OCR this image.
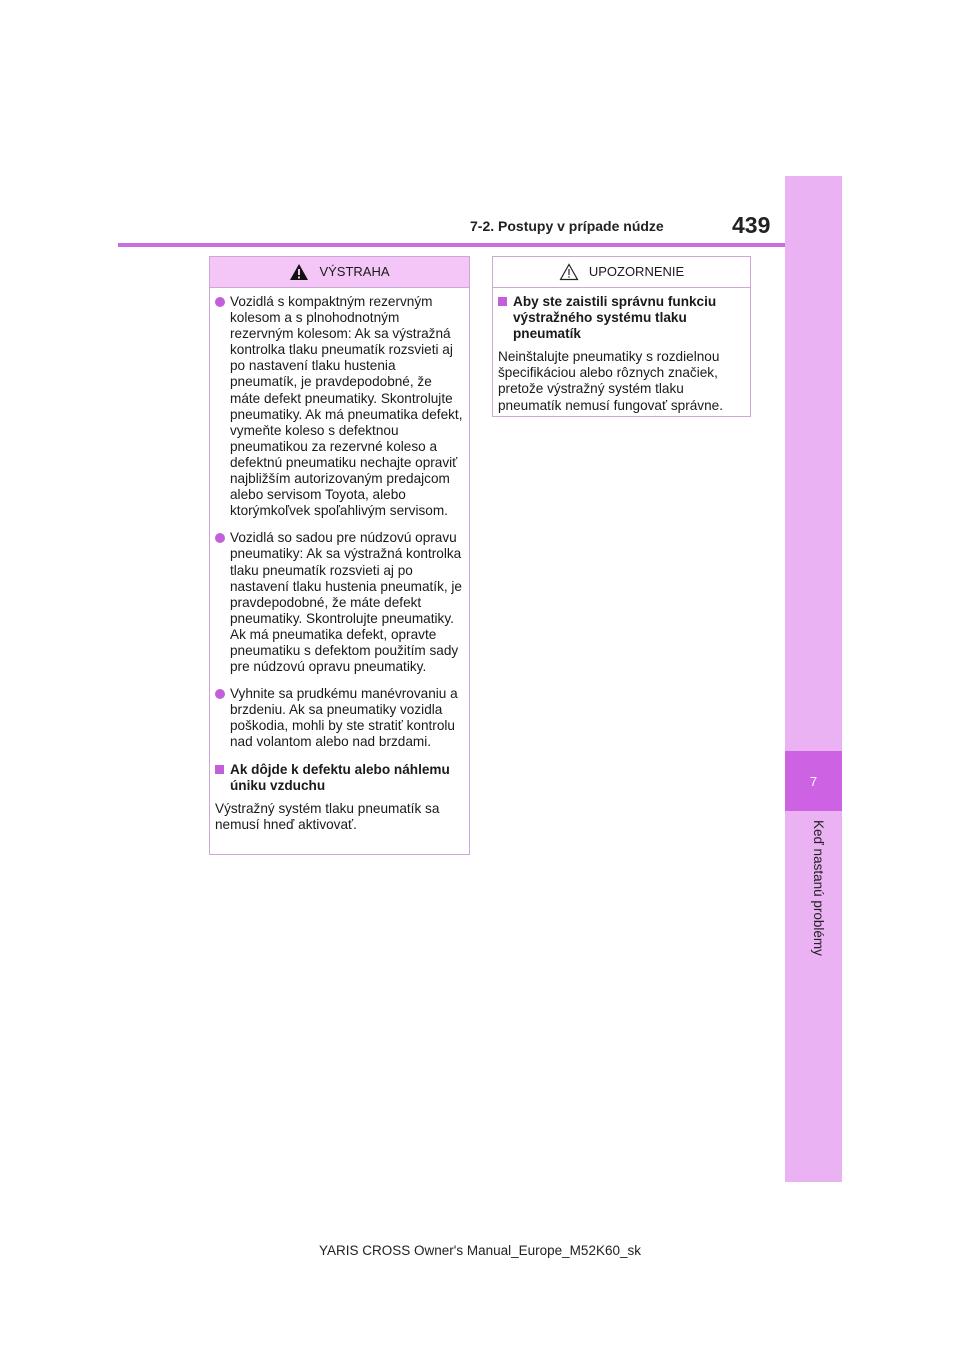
7
Keď nastanú problémy
7-2. Postupy v prípade núdze	439
VÝSTRAHA
Vozidlá s kompaktným rezervným kolesom a s plnohodnotným rezervným kolesom: Ak sa výstražná kontrolka tlaku pneumatík rozsvieti aj po nastavení tlaku hustenia pneumatík, je pravdepodobné, že máte defekt pneumatiky. Skontrolujte pneumatiky. Ak má pneumatika defekt, vymeňte koleso s defektnou pneumatikou za rezervné koleso a defektnú pneumatiku nechajte opraviť najbližším autorizovaným predajcom alebo servisom Toyota, alebo ktorýmkoľvek spoľahlivým servisom.
Vozidlá so sadou pre núdzovú opravu pneumatiky: Ak sa výstražná kontrolka tlaku pneumatík rozsvieti aj po nastavení tlaku hustenia pneumatík, je pravdepodobné, že máte defekt pneumatiky. Skontrolujte pneumatiky. Ak má pneumatika defekt, opravte pneumatiku s defektom použitím sady pre núdzovú opravu pneumatiky.
Vyhnite sa prudkému manévrovaniu a brzdeniu. Ak sa pneumatiky vozidla poškodia, mohli by ste stratiť kontrolu nad volantom alebo nad brzdami.
Ak dôjde k defektu alebo náhlemu úniku vzduchu
Výstražný systém tlaku pneumatík sa nemusí hneď aktivovať.
UPOZORNENIE
Aby ste zaistili správnu funkciu výstražného systému tlaku pneumatík
Neinštalujte pneumatiky s rozdielnou špecifikáciou alebo rôznych značiek, pretože výstražný systém tlaku pneumatík nemusí fungovať správne.
YARIS CROSS Owner's Manual_Europe_M52K60_sk
